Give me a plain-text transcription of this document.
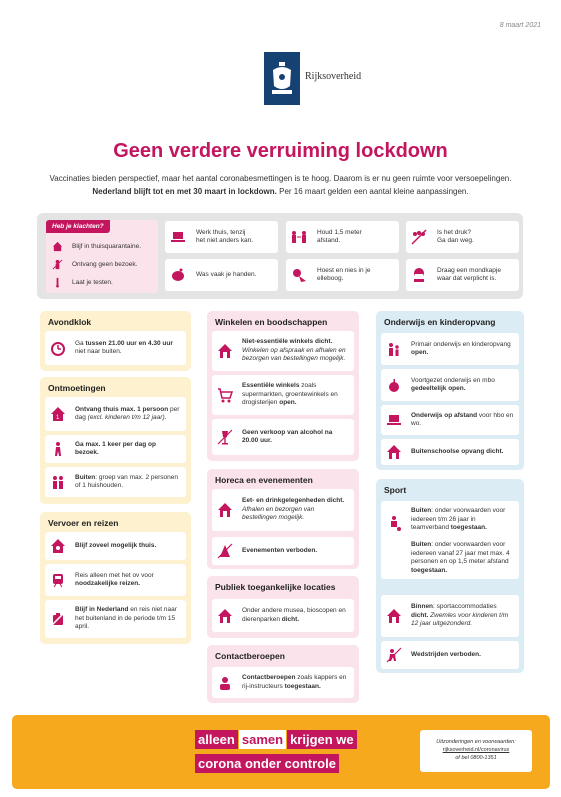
8 maart 2021
Rijksoverheid
Geen verdere verruiming lockdown
Vaccinaties bieden perspectief, maar het aantal coronabesmettingen is te hoog. Daarom is er nu geen ruimte voor versoepelingen.
Nederland blijft tot en met 30 maart in lockdown. Per 16 maart gelden een aantal kleine aanpassingen.
Heb je klachten?
Blijf in thuisquarantaine.
Ontvang geen bezoek.
Laat je testen.
Werk thuis, tenzij
het niet anders kan.
Houd 1,5 meter
afstand.
Is het druk?
Ga dan weg.
Was vaak je handen.
Hoest en nies in je
elleboog.
Draag een mondkapje
waar dat verplicht is.
Avondklok
Ga tussen 21.00 uur en 4.30 uur niet naar buiten.
Ontmoetingen
1
Ontvang thuis max. 1 persoon per dag (excl. kinderen t/m 12 jaar).
Ga max. 1 keer per dag op bezoek.
Buiten: groep van max. 2 personen of 1 huishouden.
Vervoer en reizen
Blijf zoveel mogelijk thuis.
Reis alleen met het ov voor noodzakelijke reizen.
Blijf in Nederland en reis niet naar het buitenland in de periode t/m 15 april.
Winkelen en boodschappen
Niet-essentiële winkels dicht. Winkelen op afspraak en afhalen en bezorgen van bestellingen mogelijk.
Essentiële winkels zoals supermarkten, groentewinkels en drogisterijen open.
Geen verkoop van alcohol na 20.00 uur.
Horeca en evenementen
Eet- en drinkgelegenheden dicht. Afhalen en bezorgen van bestellingen mogelijk.
Evenementen verboden.
Publiek toegankelijke locaties
Onder andere musea, bioscopen en dierenparken dicht.
Contactberoepen
Contactberoepen zoals kappers en rij-instructeurs toegestaan.
Onderwijs en kinderopvang
Primair onderwijs en kinderopvang open.
Voortgezet onderwijs en mbo gedeeltelijk open.
Onderwijs op afstand voor hbo en wo.
Buitenschoolse opvang dicht.
Sport
Buiten: onder voorwaarden voor iedereen t/m 26 jaar in teamverband toegestaan.

Buiten: onder voorwaarden voor iedereen vanaf 27 jaar met max. 4 personen en op 1,5 meter afstand toegestaan.
Binnen: sportaccommodaties dicht. Zwemles voor kinderen t/m 12 jaar uitgezonderd.
Wedstrijden verboden.
alleen samen krijgen we
corona onder controle
Uitzonderingen en voorwaarden:
rijksoverheid.nl/coronavirus
of bel 0800-1351
